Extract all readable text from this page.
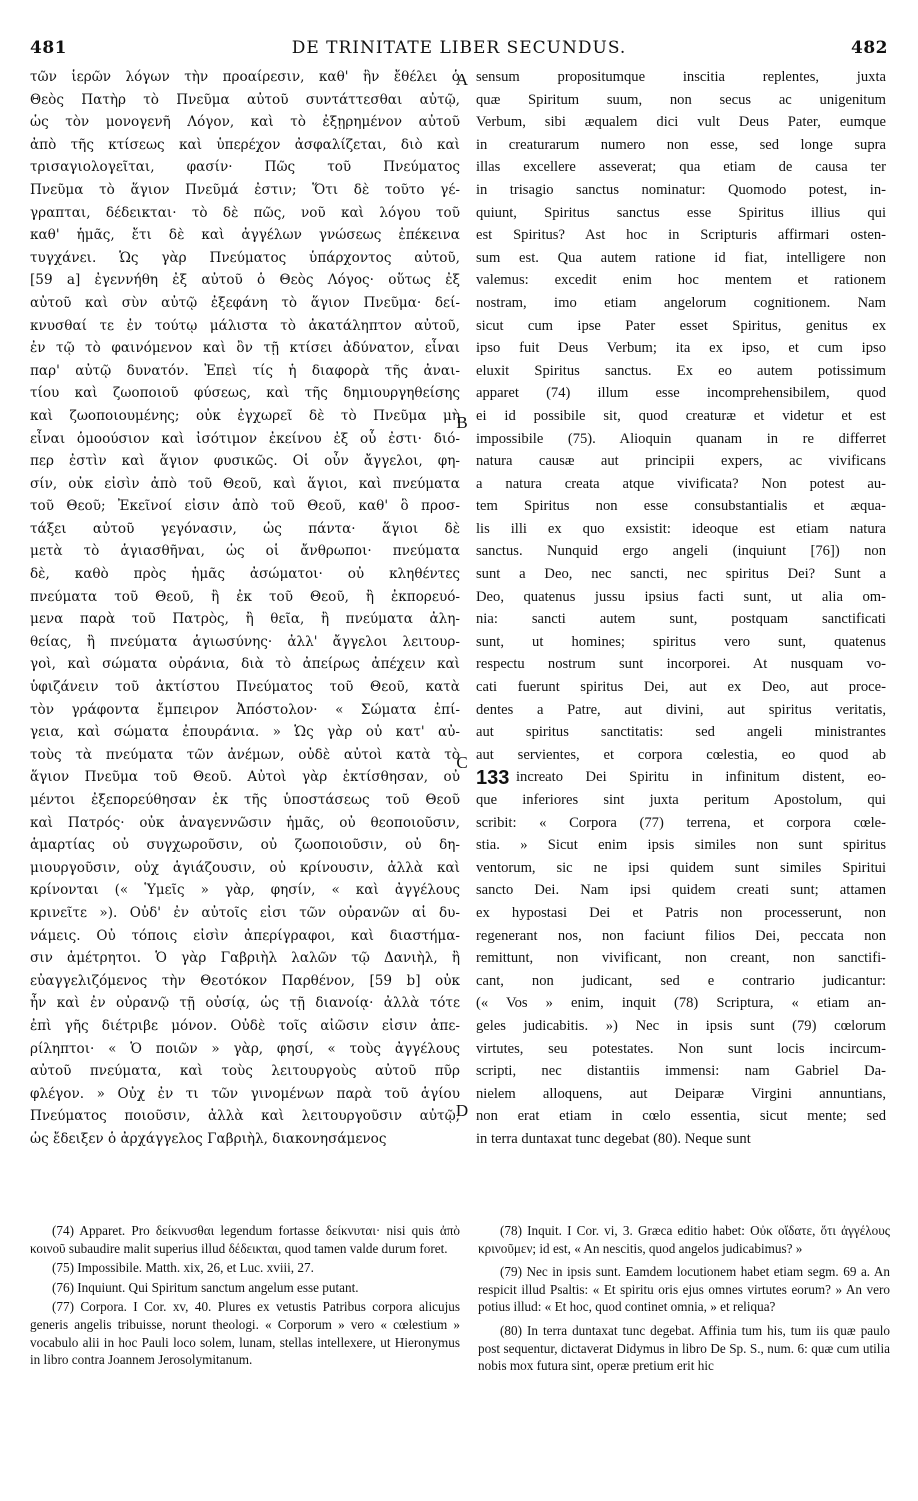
481	DE TRINITATE LIBER SECUNDUS.	482
τῶν ἱερῶν λόγων τὴν προαίρεσιν, καθ' ἣν ἔθέλει ὁ
Θεὸς Πατὴρ τὸ Πνεῦμα αὐτοῦ συντάττεσθαι αὐτῷ,
ὡς τὸν μονογενῆ Λόγον, καὶ τὸ ἐξῃρημένον αὐτοῦ
ἀπὸ τῆς κτίσεως καὶ ὑπερέχον ἀσφαλίζεται, διὸ καὶ
τρισαγιολογεῖται, φασίν· Πῶς τοῦ Πνεύματος
Πνεῦμα τὸ ἅγιον Πνεῦμά ἐστιν; Ὅτι δὲ τοῦτο γέ-
γραπται, δέδεικται· τὸ δὲ πῶς, νοῦ καὶ λόγου τοῦ
καθ' ἡμᾶς, ἔτι δὲ καὶ ἀγγέλων γνώσεως ἐπέκεινα
τυγχάνει. Ὡς γὰρ Πνεύματος ὑπάρχοντος αὐτοῦ,
[59 a] ἐγεννήθη ἐξ αὐτοῦ ὁ Θεὸς Λόγος· οὕτως ἐξ
αὐτοῦ καὶ σὺν αὐτῷ ἐξεφάνη τὸ ἅγιον Πνεῦμα· δεί-
κνυσθαί τε ἐν τούτῳ μάλιστα τὸ ἀκατάληπτον αὐτοῦ,
ἐν τῷ τὸ φαινόμενον καὶ ὂν τῇ κτίσει ἀδύνατον, εἶναι
παρ' αὐτῷ δυνατόν. Ἐπεὶ τίς ἡ διαφορὰ τῆς ἀναι-
τίου καὶ ζωοποιοῦ φύσεως, καὶ τῆς δημιουργηθείσης
καὶ ζωοποιουμένης; οὐκ ἐγχωρεῖ δὲ τὸ Πνεῦμα μὴ
εἶναι ὁμοούσιον καὶ ἰσότιμον ἐκείνου ἐξ οὗ ἐστι· διό-
περ ἐστὶν καὶ ἅγιον φυσικῶς. Οἱ οὖν ἄγγελοι, φη-
σίν, οὐκ εἰσὶν ἀπὸ τοῦ Θεοῦ, καὶ ἅγιοι, καὶ πνεύματα
τοῦ Θεοῦ; Ἐκεῖνοί εἰσιν ἀπὸ τοῦ Θεοῦ, καθ' ὃ προσ-
τάξει αὐτοῦ γεγόνασιν, ὡς πάντα· ἅγιοι δὲ
μετὰ τὸ ἁγιασθῆναι, ὡς οἱ ἄνθρωποι· πνεύματα
δὲ, καθὸ πρὸς ἡμᾶς ἀσώματοι· οὐ κληθέντες
πνεύματα τοῦ Θεοῦ, ἢ ἐκ τοῦ Θεοῦ, ἢ ἐκπορευό-
μενα παρὰ τοῦ Πατρὸς, ἢ θεῖα, ἢ πνεύματα ἀλη-
θείας, ἢ πνεύματα ἁγιωσύνης· ἀλλ' ἄγγελοι λειτουρ-
γοὶ, καὶ σώματα οὐράνια, διὰ τὸ ἀπείρως ἀπέχειν καὶ
ὑφιζάνειν τοῦ ἀκτίστου Πνεύματος τοῦ Θεοῦ, κατὰ
τὸν γράφοντα ἔμπειρον Ἀπόστολον· « Σώματα ἐπί-
γεια, καὶ σώματα ἐπουράνια. » Ὡς γὰρ οὐ κατ' αὐ-
τοὺς τὰ πνεύματα τῶν ἀνέμων, οὐδὲ αὐτοὶ κατὰ τὸ
ἅγιον Πνεῦμα τοῦ Θεοῦ. Αὐτοὶ γὰρ ἐκτίσθησαν, οὐ
μέντοι ἐξεπορεύθησαν ἐκ τῆς ὑποστάσεως τοῦ Θεοῦ
καὶ Πατρός· οὐκ ἀναγεννῶσιν ἡμᾶς, οὐ θεοποιοῦσιν,
ἁμαρτίας οὐ συγχωροῦσιν, οὐ ζωοποιοῦσιν, οὐ δη-
μιουργοῦσιν, οὐχ ἁγιάζουσιν, οὐ κρίνουσιν, ἀλλὰ καὶ
κρίνονται (« Ὑμεῖς » γὰρ, φησίν, « καὶ ἀγγέλους
κρινεῖτε »). Οὐδ' ἐν αὐτοῖς εἰσι τῶν οὐρανῶν αἱ δυ-
νάμεις. Οὐ τόποις εἰσὶν ἀπερίγραφοι, καὶ διαστήμα-
σιν ἀμέτρητοι. Ὁ γὰρ Γαβριὴλ λαλῶν τῷ Δανιὴλ, ἢ
εὐαγγελιζόμενος τὴν Θεοτόκον Παρθένον, [59 b] οὐκ
ἦν καὶ ἐν οὐρανῷ τῇ οὐσίᾳ, ὡς τῇ διανοίᾳ· ἀλλὰ τότε
ἐπὶ γῆς διέτριβε μόνον. Οὐδὲ τοῖς αἰῶσιν εἰσιν ἀπε-
ρίληπτοι· « Ὁ ποιῶν » γὰρ, φησί, « τοὺς ἀγγέλους
αὐτοῦ πνεύματα, καὶ τοὺς λειτουργοὺς αὐτοῦ πῦρ
φλέγον. » Οὐχ ἐν τι τῶν γινομένων παρὰ τοῦ ἁγίου
Πνεύματος ποιοῦσιν, ἀλλὰ καὶ λειτουργοῦσιν αὐτῷ,
ὡς ἔδειξεν ὁ ἀρχάγγελος Γαβριὴλ, διακονησάμενος
sensum propositumque inscitia replentes, juxta
quæ Spiritum suum, non secus ac unigenitum
Verbum, sibi æqualem dici vult Deus Pater, eumque
in creaturarum numero non esse, sed longe supra
illas excellere asseverat; qua etiam de causa ter
in trisagio sanctus nominatur: Quomodo potest, in-
quiunt, Spiritus sanctus esse Spiritus illius qui
est Spiritus? Ast hoc in Scripturis affirmari osten-
sum est. Qua autem ratione id fiat, intelligere non
valemus: excedit enim hoc mentem et rationem
nostram, imo etiam angelorum cognitionem. Nam
sicut cum ipse Pater esset Spiritus, genitus ex
ipso fuit Deus Verbum; ita ex ipso, et cum ipso
eluxit Spiritus sanctus. Ex eo autem potissimum
apparet (74) illum esse incomprehensibilem, quod
ei id possibile sit, quod creaturæ et videtur et est
impossibile (75). Alioquin quanam in re differret
natura causæ aut principii expers, ac vivificans
a natura creata atque vivificata? Non potest au-
tem Spiritus non esse consubstantialis et æqua-
lis illi ex quo exsistit: ideoque est etiam natura
sanctus. Nunquid ergo angeli (inquiunt [76]) non
sunt a Deo, nec sancti, nec spiritus Dei? Sunt a
Deo, quatenus jussu ipsius facti sunt, ut alia om-
nia: sancti autem sunt, postquam sanctificati
sunt, ut homines; spiritus vero sunt, quatenus
respectu nostrum sunt incorporei. At nusquam vo-
cati fuerunt spiritus Dei, aut ex Deo, aut proce-
dentes a Patre, aut divini, aut spiritus veritatis,
aut spiritus sanctitatis: sed angeli ministrantes
aut servientes, et corpora cœlestia, eo quod ab
increato Dei Spiritu in infinitum distent, eo-
que inferiores sint juxta peritum Apostolum, qui
scribit: « Corpora (77) terrena, et corpora cœle-
stia. » Sicut enim ipsis similes non sunt spiritus
ventorum, sic ne ipsi quidem sunt similes Spiritui
sancto Dei. Nam ipsi quidem creati sunt; attamen
ex hypostasi Dei et Patris non processerunt, non
regenerant nos, non faciunt filios Dei, peccata non
remittunt, non vivificant, non creant, non sanctifi-
cant, non judicant, sed e contrario judicantur:
(« Vos » enim, inquit (78) Scriptura, « etiam an-
geles judicabitis. ») Nec in ipsis sunt (79) cœlorum
virtutes, seu potestates. Non sunt locis incircum-
scripti, nec distantiis immensi: nam Gabriel Da-
nielem alloquens, aut Deiparæ Virgini annuntians,
non erat etiam in cœlo essentia, sicut mente; sed
in terra duntaxat tunc degebat (80). Neque sunt
A
B
C
D

(74) Apparet. Pro δείκνυσθαι legendum fortasse δείκνυται· nisi quis ἀπὸ κοινοῦ subaudire malit superius illud δέδεικται, quod tamen valde durum foret.

(75) Impossibile. Matth. xix, 26, et Luc. xviii, 27.

(76) Inquiunt. Qui Spiritum sanctum angelum esse putant.

(77) Corpora. I Cor. xv, 40. Plures ex vetustis Patribus corpora alicujus generis angelis tribuisse, norunt theologi. « Corporum » vero « cœlestium » vocabulo alii in hoc Pauli loco solem, lunam, stellas intellexere, ut Hieronymus in libro contra Joannem Jerosolymitanum.

(78) Inquit. I Cor. vi, 3. Græca editio habet: Οὐκ οἴδατε, ὅτι ἀγγέλους κρινοῦμεν; id est, « An nescitis, quod angelos judicabimus? »

(79) Nec in ipsis sunt. Eamdem locutionem habet etiam segm. 69 a. An respicit illud Psaltis: « Et spiritu oris ejus omnes virtutes eorum? » An vero potius illud: « Et hoc, quod continet omnia, » et reliqua?

(80) In terra duntaxat tunc degebat. Affinia tum his, tum iis quæ paulo post sequentur, dictaverat Didymus in libro De Sp. S., num. 6: quæ cum utilia nobis mox futura sint, operæ pretium erit hic

133
